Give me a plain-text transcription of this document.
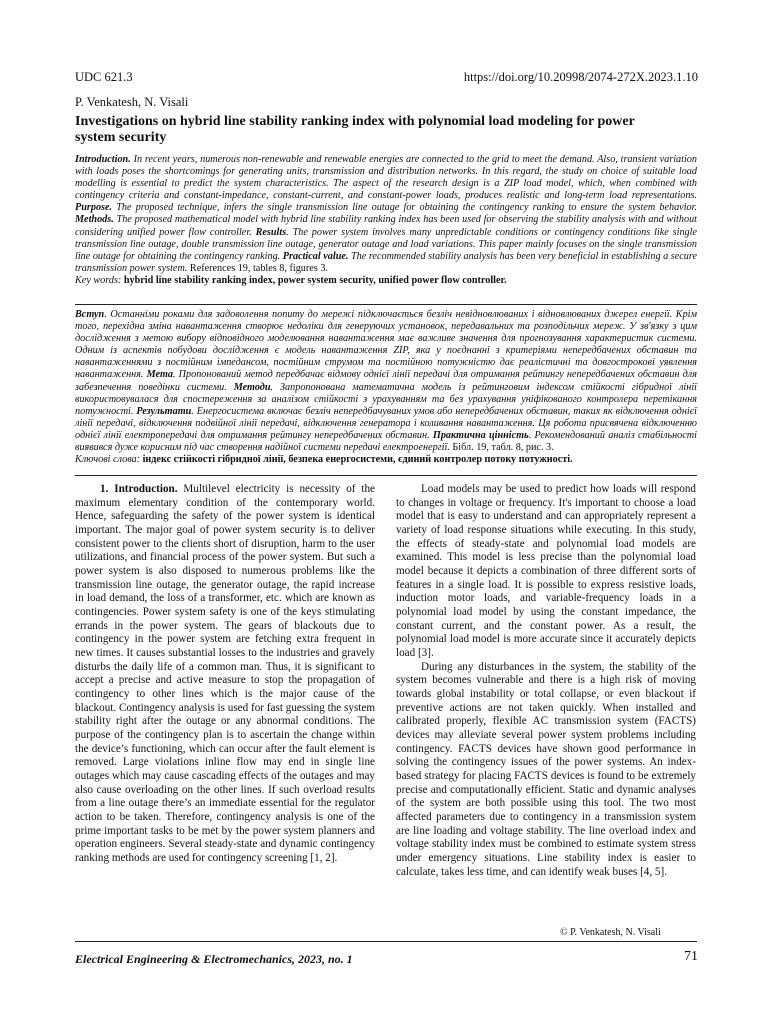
UDC 621.3	https://doi.org/10.20998/2074-272X.2023.1.10
P. Venkatesh, N. Visali
Investigations on hybrid line stability ranking index with polynomial load modeling for power system security
Introduction. In recent years, numerous non-renewable and renewable energies are connected to the grid to meet the demand. Also, transient variation with loads poses the shortcomings for generating units, transmission and distribution networks. In this regard, the study on choice of suitable load modelling is essential to predict the system characteristics. The aspect of the research design is a ZIP load model, which, when combined with contingency criteria and constant-impedance, constant-current, and constant-power loads, produces realistic and long-term load representations. Purpose. The proposed technique, infers the single transmission line outage for obtaining the contingency ranking to ensure the system behavior. Methods. The proposed mathematical model with hybrid line stability ranking index has been used for observing the stability analysis with and without considering unified power flow controller. Results. The power system involves many unpredictable conditions or contingency conditions like single transmission line outage, double transmission line outage, generator outage and load variations. This paper mainly focuses on the single transmission line outage for obtaining the contingency ranking. Practical value. The recommended stability analysis has been very beneficial in establishing a secure transmission power system. References 19, tables 8, figures 3.
Key words: hybrid line stability ranking index, power system security, unified power flow controller.
Вступ. Останніми роками для задоволення попиту до мережі підключається безліч невідновлюваних і відновлюваних джерел енергії. Крім того, перехідна зміна навантаження створює недоліки для генеруючих установок, передавальних та розподільчих мереж. У зв'язку з цим дослідження з метою вибору відповідного моделювання навантаження має важливе значення для прогнозування характеристик системи. Одним із аспектів побудови дослідження є модель навантаження ZIP, яка у поєднанні з критеріями непередбачених обставин та навантаженнями з постійним імпедансом, постійним струмом та постійною потужністю дає реалістичні та довгострокові уявлення навантаження. Мета. Пропонований метод передбачає відмову однієї лінії передачі для отримання рейтингу непередбачених обставин для забезпечення поведінки системи. Методи. Запропонована математична модель із рейтинговим індексом стійкості гібридної лінії використовувалася для спостереження за аналізом стійкості з урахуванням та без урахування уніфікованого контролера перетікання потужності. Результати. Енергосистема включає безліч непередбачуваних умов або непередбачених обставин, таких як відключення однієї лінії передачі, відключення подвійної лінії передачі, відключення генератора і коливання навантаження. Ця робота присвячена відключенню однієї лінії електропередачі для отримання рейтингу непередбачених обставин. Практична цінність. Рекомендований аналіз стабільності виявився дуже корисним під час створення надійної системи передачі електроенергії. Бібл. 19, табл. 8, рис. 3.
Ключові слова: індекс стійкості гібридної лінії, безпека енергосистеми, єдиний контролер потоку потужності.

1. Introduction. Multilevel electricity is necessity of the maximum elementary condition of the contemporary world. Hence, safeguarding the safety of the power system is identical important. The major goal of power system security is to deliver consistent power to the clients short of disruption, harm to the user utilizations, and financial process of the power system. But such a power system is also disposed to numerous problems like the transmission line outage, the generator outage, the rapid increase in load demand, the loss of a transformer, etc. which are known as contingencies. Power system safety is one of the keys stimulating errands in the power system. The gears of blackouts due to contingency in the power system are fetching extra frequent in new times. It causes substantial losses to the industries and gravely disturbs the daily life of a common man. Thus, it is significant to accept a precise and active measure to stop the propagation of contingency to other lines which is the major cause of the blackout. Contingency analysis is used for fast guessing the system stability right after the outage or any abnormal conditions. The purpose of the contingency plan is to ascertain the change within the device’s functioning, which can occur after the fault element is removed. Large violations inline flow may end in single line outages which may cause cascading effects of the outages and may also cause overloading on the other lines. If such overload results from a line outage there’s an immediate essential for the regulator action to be taken. Therefore, contingency analysis is one of the prime important tasks to be met by the power system planners and operation engineers. Several steady-state and dynamic contingency ranking methods are used for contingency screening [1, 2].

Load models may be used to predict how loads will respond to changes in voltage or frequency. It's important to choose a load model that is easy to understand and can appropriately represent a variety of load response situations while executing. In this study, the effects of steady-state and polynomial load models are examined. This model is less precise than the polynomial load model because it depicts a combination of three different sorts of features in a single load. It is possible to express resistive loads, induction motor loads, and variable-frequency loads in a polynomial load model by using the constant impedance, the constant current, and the constant power. As a result, the polynomial load model is more accurate since it accurately depicts load [3].

During any disturbances in the system, the stability of the system becomes vulnerable and there is a high risk of moving towards global instability or total collapse, or even blackout if preventive actions are not taken quickly. When installed and calibrated properly, flexible AC transmission system (FACTS) devices may alleviate several power system problems including contingency. FACTS devices have shown good performance in solving the contingency issues of the power systems. An index-based strategy for placing FACTS devices is found to be extremely precise and computationally efficient. Static and dynamic analyses of the system are both possible using this tool. The two most affected parameters due to contingency in a transmission system are line loading and voltage stability. The line overload index and voltage stability index must be combined to estimate system stress under emergency situations. Line stability index is easier to calculate, takes less time, and can identify weak buses [4, 5].

© P. Venkatesh, N. Visali
Electrical Engineering & Electromechanics, 2023, no. 1	71
